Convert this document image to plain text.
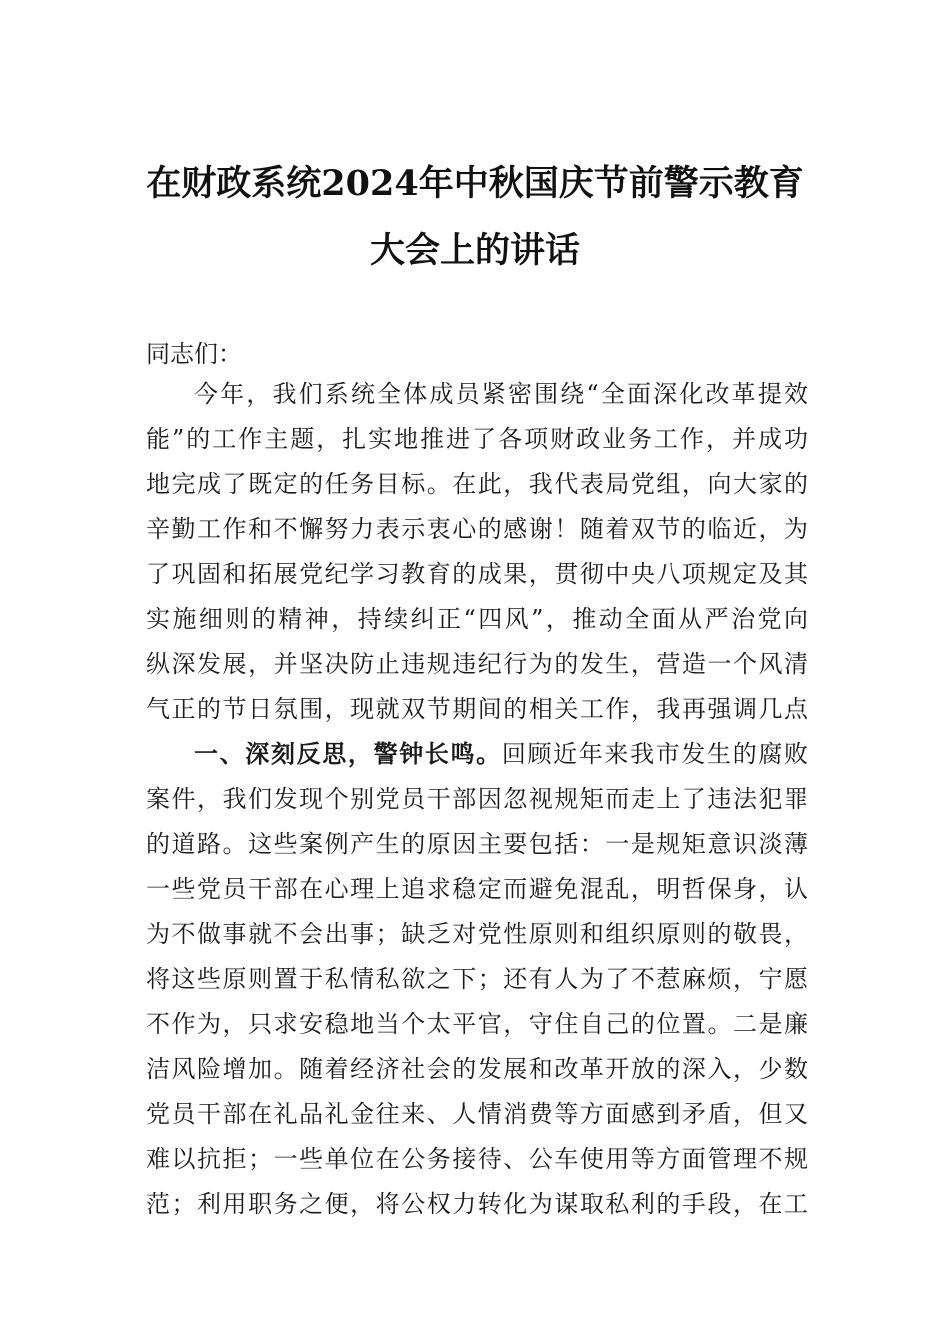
在财政系统2024年中秋国庆节前警示教育
大会上的讲话
同志们：
今年，我们系统全体成员紧密围绕“全面深化改革提效
能”的工作主题，扎实地推进了各项财政业务工作，并成功
地完成了既定的任务目标。在此，我代表局党组，向大家的
辛勤工作和不懈努力表示衷心的感谢！随着双节的临近，为
了巩固和拓展党纪学习教育的成果，贯彻中央八项规定及其
实施细则的精神，持续纠正“四风”，推动全面从严治党向
纵深发展，并坚决防止违规违纪行为的发生，营造一个风清
气正的节日氛围，现就双节期间的相关工作，我再强调几点
一、深刻反思，警钟长鸣。回顾近年来我市发生的腐败
案件，我们发现个别党员干部因忽视规矩而走上了违法犯罪
的道路。这些案例产生的原因主要包括：一是规矩意识淡薄
一些党员干部在心理上追求稳定而避免混乱，明哲保身，认
为不做事就不会出事；缺乏对党性原则和组织原则的敬畏，
将这些原则置于私情私欲之下；还有人为了不惹麻烦，宁愿
不作为，只求安稳地当个太平官，守住自己的位置。二是廉
洁风险增加。随着经济社会的发展和改革开放的深入，少数
党员干部在礼品礼金往来、人情消费等方面感到矛盾，但又
难以抗拒；一些单位在公务接待、公车使用等方面管理不规
范；利用职务之便，将公权力转化为谋取私利的手段，在工
